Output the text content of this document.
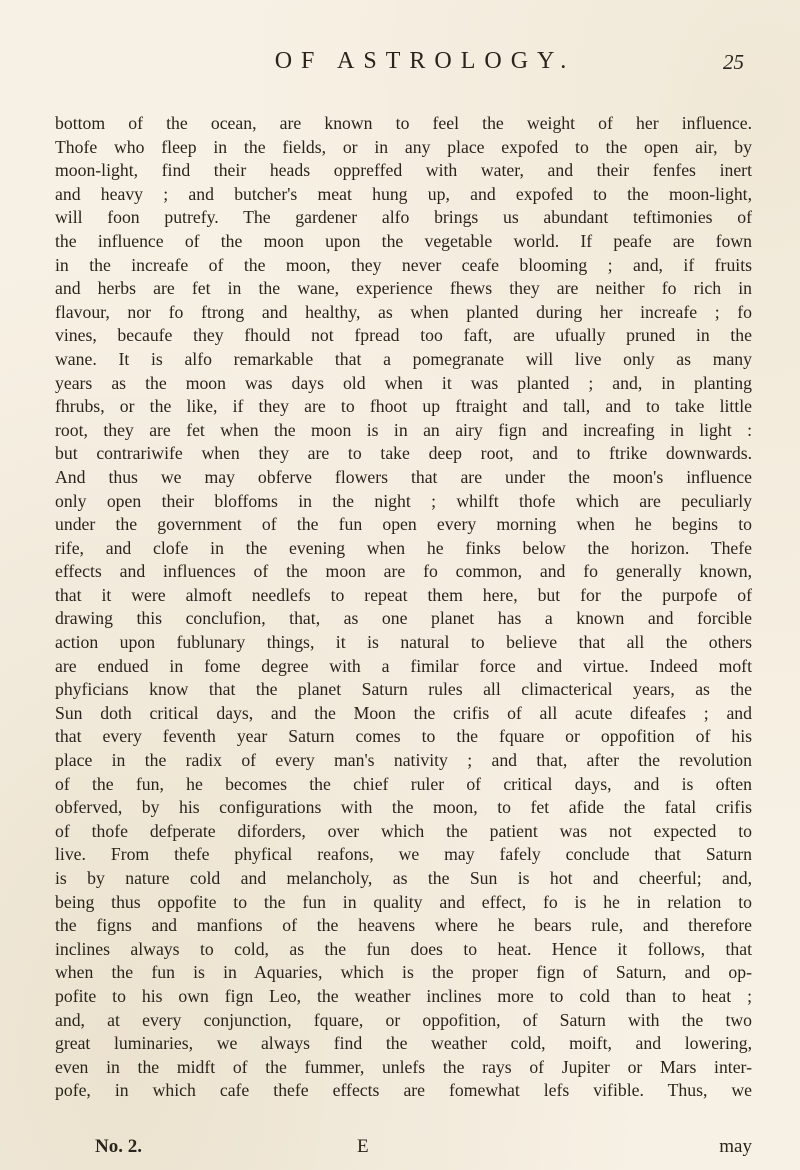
OF ASTROLOGY.	25
bottom of the ocean, are known to feel the weight of her influence.
Thofe who fleep in the fields, or in any place expofed to the open air, by
moon-light, find their heads oppreffed with water, and their fenfes inert
and heavy ; and butcher's meat hung up, and expofed to the moon-light,
will foon putrefy. The gardener alfo brings us abundant teftimonies of
the influence of the moon upon the vegetable world. If peafe are fown
in the increafe of the moon, they never ceafe blooming ; and, if fruits
and herbs are fet in the wane, experience fhews they are neither fo rich in
flavour, nor fo ftrong and healthy, as when planted during her increafe ; fo
vines, becaufe they fhould not fpread too faft, are ufually pruned in the
wane. It is alfo remarkable that a pomegranate will live only as many
years as the moon was days old when it was planted ; and, in planting
fhrubs, or the like, if they are to fhoot up ftraight and tall, and to take little
root, they are fet when the moon is in an airy fign and increafing in light :
but contrariwife when they are to take deep root, and to ftrike downwards.
And thus we may obferve flowers that are under the moon's influence
only open their bloffoms in the night ; whilft thofe which are peculiarly
under the government of the fun open every morning when he begins to
rife, and clofe in the evening when he finks below the horizon. Thefe
effects and influences of the moon are fo common, and fo generally known,
that it were almoft needlefs to repeat them here, but for the purpofe of
drawing this conclufion, that, as one planet has a known and forcible
action upon fublunary things, it is natural to believe that all the others
are endued in fome degree with a fimilar force and virtue. Indeed moft
phyficians know that the planet Saturn rules all climacterical years, as the
Sun doth critical days, and the Moon the crifis of all acute difeafes ; and
that every feventh year Saturn comes to the fquare or oppofition of his
place in the radix of every man's nativity ; and that, after the revolution
of the fun, he becomes the chief ruler of critical days, and is often
obferved, by his configurations with the moon, to fet afide the fatal crifis
of thofe defperate diforders, over which the patient was not expected to
live. From thefe phyfical reafons, we may fafely conclude that Saturn
is by nature cold and melancholy, as the Sun is hot and cheerful; and,
being thus oppofite to the fun in quality and effect, fo is he in relation to
the figns and manfions of the heavens where he bears rule, and therefore
inclines always to cold, as the fun does to heat. Hence it follows, that
when the fun is in Aquaries, which is the proper fign of Saturn, and op-
pofite to his own fign Leo, the weather inclines more to cold than to heat ;
and, at every conjunction, fquare, or oppofition, of Saturn with the two
great luminaries, we always find the weather cold, moift, and lowering,
even in the midft of the fummer, unlefs the rays of Jupiter or Mars inter-
pofe, in which cafe thefe effects are fomewhat lefs vifible. Thus, we
No. 2.	E	may
